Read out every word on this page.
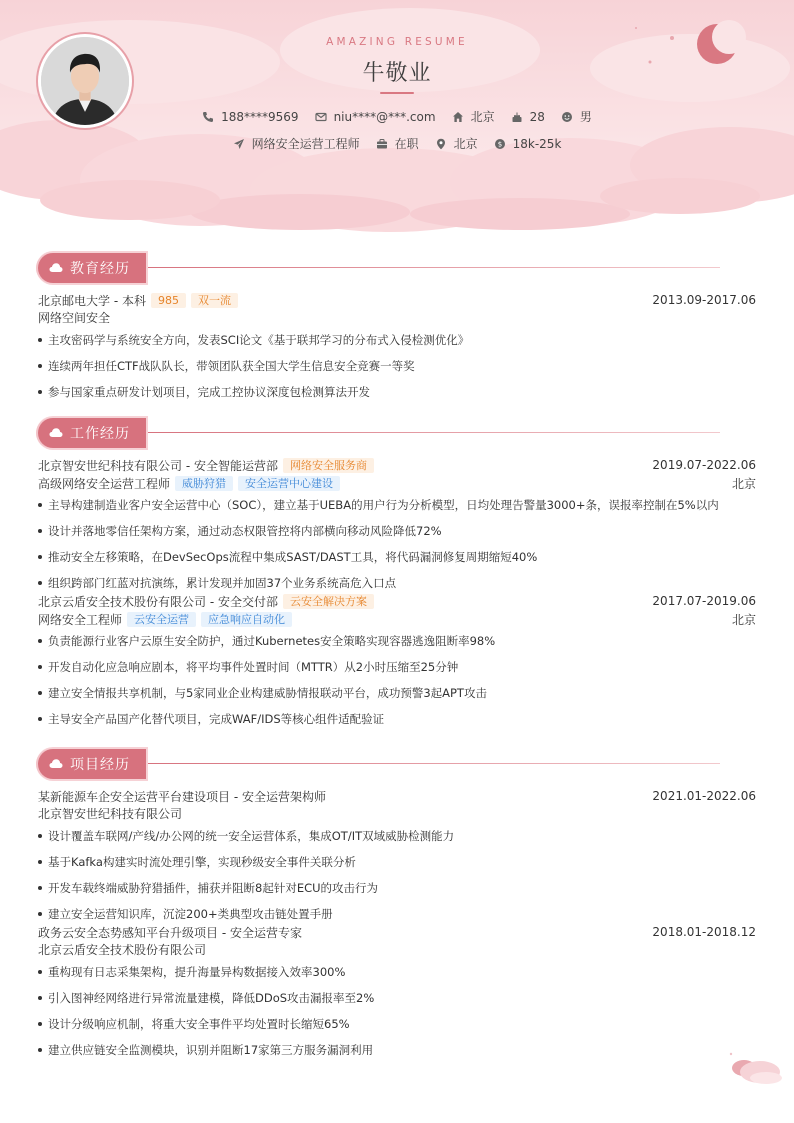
AMAZING RESUME
牛敬业
188****9569	niu****@***.com	北京	28	男
网络安全运营工程师	在职	北京	$ 18k-25k
教育经历
北京邮电大学 - 本科	985	双一流	2013.09-2017.06
网络空间安全
主攻密码学与系统安全方向，发表SCI论文《基于联邦学习的分布式入侵检测优化》
连续两年担任CTF战队队长，带领团队获全国大学生信息安全竞赛一等奖
参与国家重点研发计划项目，完成工控协议深度包检测算法开发
工作经历
北京智安世纪科技有限公司 - 安全智能运营部	网络安全服务商	2019.07-2022.06
高级网络安全运营工程师	威胁狩猎	安全运营中心建设	北京
主导构建制造业客户安全运营中心（SOC），建立基于UEBA的用户行为分析模型，日均处理告警量3000+条，误报率控制在5%以内
设计并落地零信任架构方案，通过动态权限管控将内部横向移动风险降低72%
推动安全左移策略，在DevSecOps流程中集成SAST/DAST工具，将代码漏洞修复周期缩短40%
组织跨部门红蓝对抗演练，累计发现并加固37个业务系统高危入口点
北京云盾安全技术股份有限公司 - 安全交付部	云安全解决方案	2017.07-2019.06
网络安全工程师	云安全运营	应急响应自动化	北京
负责能源行业客户云原生安全防护，通过Kubernetes安全策略实现容器逃逸阻断率98%
开发自动化应急响应剧本，将平均事件处置时间（MTTR）从2小时压缩至25分钟
建立安全情报共享机制，与5家同业企业构建威胁情报联动平台，成功预警3起APT攻击
主导安全产品国产化替代项目，完成WAF/IDS等核心组件适配验证
项目经历
某新能源车企安全运营平台建设项目 - 安全运营架构师	2021.01-2022.06
北京智安世纪科技有限公司
设计覆盖车联网/产线/办公网的统一安全运营体系，集成OT/IT双域威胁检测能力
基于Kafka构建实时流处理引擎，实现秒级安全事件关联分析
开发车载终端威胁狩猎插件，捕获并阻断8起针对ECU的攻击行为
建立安全运营知识库，沉淀200+类典型攻击链处置手册
政务云安全态势感知平台升级项目 - 安全运营专家	2018.01-2018.12
北京云盾安全技术股份有限公司
重构现有日志采集架构，提升海量异构数据接入效率300%
引入图神经网络进行异常流量建模，降低DDoS攻击漏报率至2%
设计分级响应机制，将重大安全事件平均处置时长缩短65%
建立供应链安全监测模块，识别并阻断17家第三方服务漏洞利用
